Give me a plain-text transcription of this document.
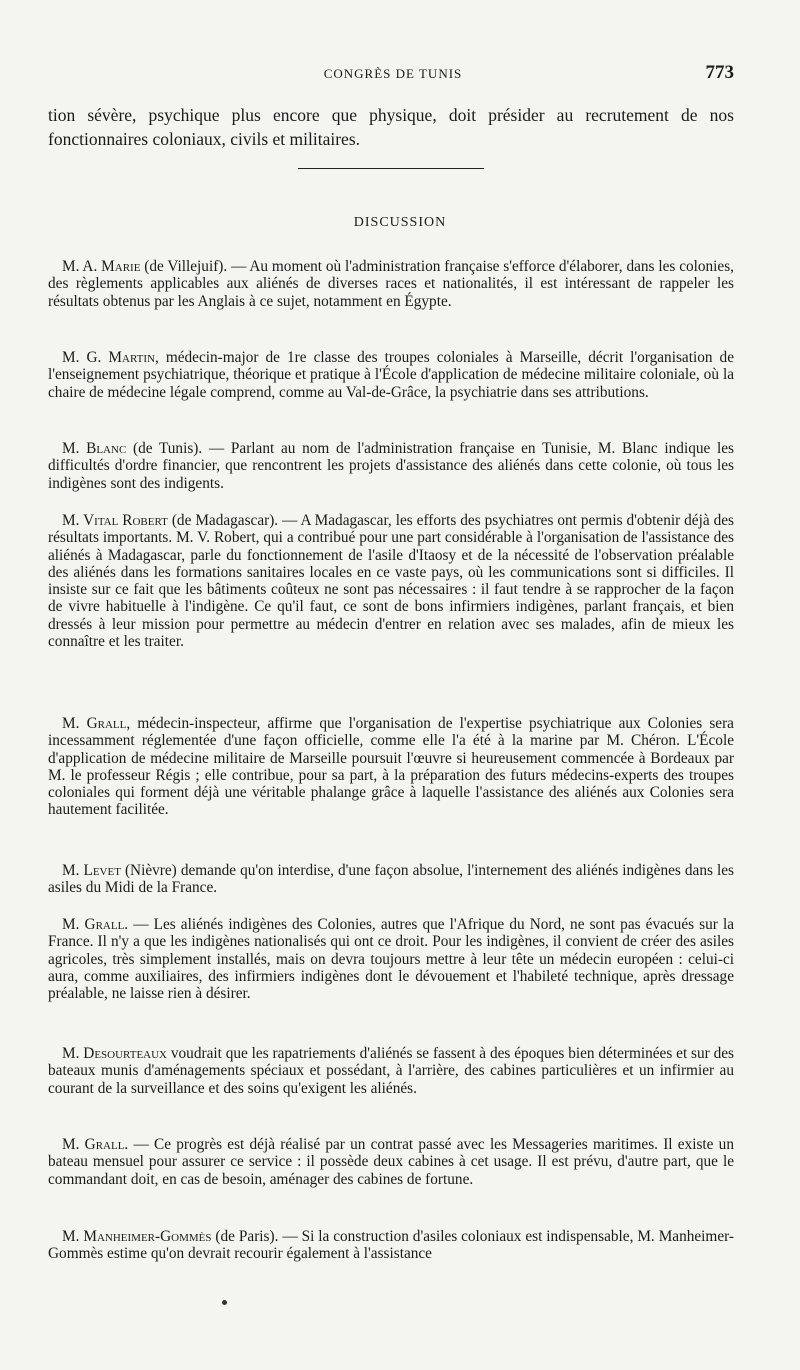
CONGRÈS DE TUNIS	773

tion sévère, psychique plus encore que physique, doit présider au recrutement de nos fonctionnaires coloniaux, civils et militaires.

DISCUSSION

M. A. Marie (de Villejuif). — Au moment où l'administration française s'efforce d'élaborer, dans les colonies, des règlements applicables aux aliénés de diverses races et nationalités, il est intéressant de rappeler les résultats obtenus par les Anglais à ce sujet, notamment en Égypte.

M. G. Martin, médecin-major de 1re classe des troupes coloniales à Marseille, décrit l'organisation de l'enseignement psychiatrique, théorique et pratique à l'École d'application de médecine militaire coloniale, où la chaire de médecine légale comprend, comme au Val-de-Grâce, la psychiatrie dans ses attributions.

M. Blanc (de Tunis). — Parlant au nom de l'administration française en Tunisie, M. Blanc indique les difficultés d'ordre financier, que rencontrent les projets d'assistance des aliénés dans cette colonie, où tous les indigènes sont des indigents.

M. Vital Robert (de Madagascar). — A Madagascar, les efforts des psychiatres ont permis d'obtenir déjà des résultats importants. M. V. Robert, qui a contribué pour une part considérable à l'organisation de l'assistance des aliénés à Madagascar, parle du fonctionnement de l'asile d'Itaosy et de la nécessité de l'observation préalable des aliénés dans les formations sanitaires locales en ce vaste pays, où les communications sont si difficiles. Il insiste sur ce fait que les bâtiments coûteux ne sont pas nécessaires : il faut tendre à se rapprocher de la façon de vivre habituelle à l'indigène. Ce qu'il faut, ce sont de bons infirmiers indigènes, parlant français, et bien dressés à leur mission pour permettre au médecin d'entrer en relation avec ses malades, afin de mieux les connaître et les traiter.

M. Grall, médecin-inspecteur, affirme que l'organisation de l'expertise psychiatrique aux Colonies sera incessamment réglementée d'une façon officielle, comme elle l'a été à la marine par M. Chéron. L'École d'application de médecine militaire de Marseille poursuit l'œuvre si heureusement commencée à Bordeaux par M. le professeur Régis ; elle contribue, pour sa part, à la préparation des futurs médecins-experts des troupes coloniales qui forment déjà une véritable phalange grâce à laquelle l'assistance des aliénés aux Colonies sera hautement facilitée.

M. Levet (Nièvre) demande qu'on interdise, d'une façon absolue, l'internement des aliénés indigènes dans les asiles du Midi de la France.

M. Grall. — Les aliénés indigènes des Colonies, autres que l'Afrique du Nord, ne sont pas évacués sur la France. Il n'y a que les indigènes nationalisés qui ont ce droit. Pour les indigènes, il convient de créer des asiles agricoles, très simplement installés, mais on devra toujours mettre à leur tête un médecin européen : celui-ci aura, comme auxiliaires, des infirmiers indigènes dont le dévouement et l'habileté technique, après dressage préalable, ne laisse rien à désirer.

M. Desourteaux voudrait que les rapatriements d'aliénés se fassent à des époques bien déterminées et sur des bateaux munis d'aménagements spéciaux et possédant, à l'arrière, des cabines particulières et un infirmier au courant de la surveillance et des soins qu'exigent les aliénés.

M. Grall. — Ce progrès est déjà réalisé par un contrat passé avec les Messageries maritimes. Il existe un bateau mensuel pour assurer ce service : il possède deux cabines à cet usage. Il est prévu, d'autre part, que le commandant doit, en cas de besoin, aménager des cabines de fortune.

M. Manheimer-Gommès (de Paris). — Si la construction d'asiles coloniaux est indispensable, M. Manheimer-Gommès estime qu'on devrait recourir également à l'assistance
